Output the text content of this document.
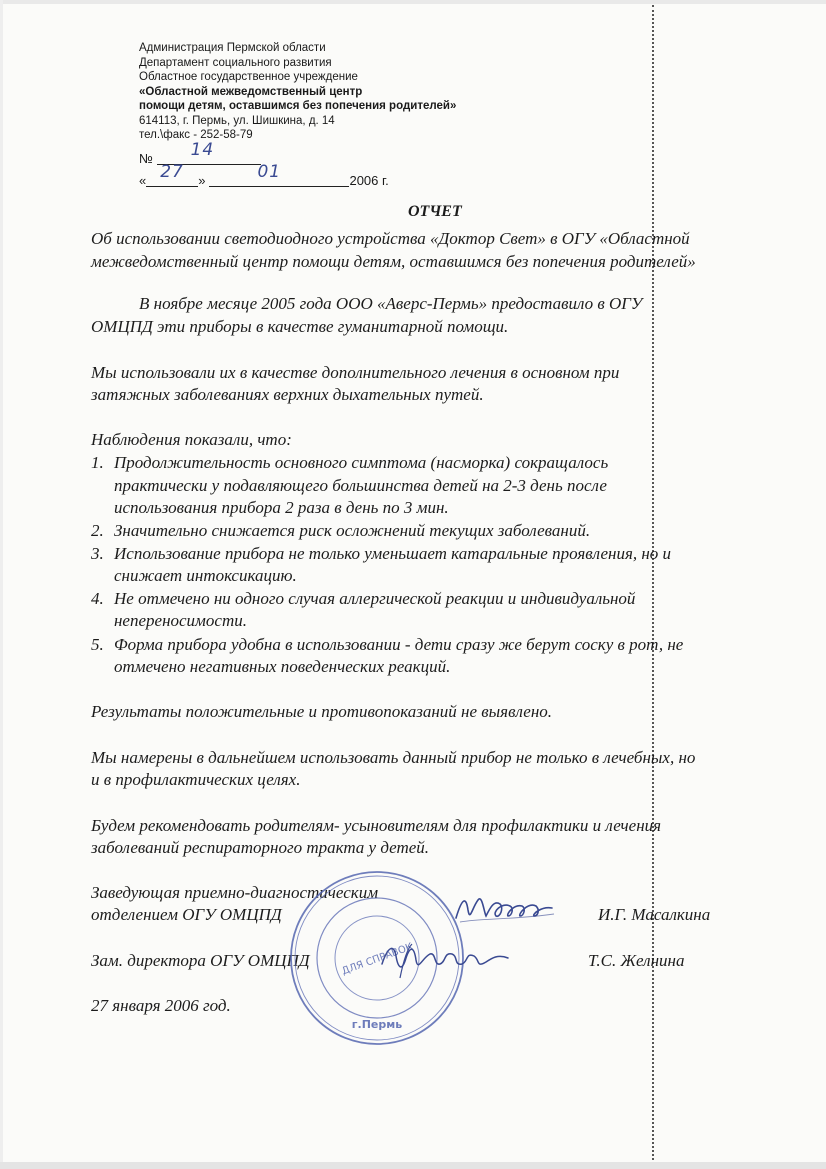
Администрация Пермской области
Департамент социального развития
Областное государственное учреждение
«Областной межведомственный центр
помощи детям, оставшимся без попечения родителей»
614113, г. Пермь, ул. Шишкина, д. 14
тел.\факс - 252-58-79
№ 14
« 27 »	01	2006 г.
ОТЧЕТ
Об использовании светодиодного устройства «Доктор Свет» в ОГУ «Областной
межведомственный центр помощи детям, оставшимся без попечения родителей»
В ноябре месяце 2005 года ООО «Аверс-Пермь» предоставило в ОГУ
ОМЦПД эти приборы в качестве гуманитарной помощи.
Мы использовали их в качестве дополнительного лечения в основном при
затяжных заболеваниях верхних дыхательных путей.
Наблюдения показали, что:
1. Продолжительность основного симптома (насморка) сокращалось
практически у подавляющего большинства детей на 2-3 день после
использования прибора 2 раза в день по 3 мин.
2. Значительно снижается риск осложнений текущих заболеваний.
3. Использование прибора не только уменьшает катаральные проявления, но и
снижает интоксикацию.
4. Не отмечено ни одного случая аллергической реакции и индивидуальной
непереносимости.
5. Форма прибора удобна в использовании - дети сразу же берут соску в рот, не
отмечено негативных поведенческих реакций.
Результаты положительные и противопоказаний не выявлено.
Мы намерены в дальнейшем использовать данный прибор не только в лечебных, но
и в профилактических целях.
Будем рекомендовать родителям- усыновителям для профилактики и лечения
заболеваний респираторного тракта у детей.
Заведующая приемно-диагностическим
отделением ОГУ ОМЦПД	И.Г. Масалкина
Зам. директора ОГУ ОМЦПД	Т.С. Желнина
27 января 2006 год.
ДЛЯ СПРАВОК
г.Пермь
